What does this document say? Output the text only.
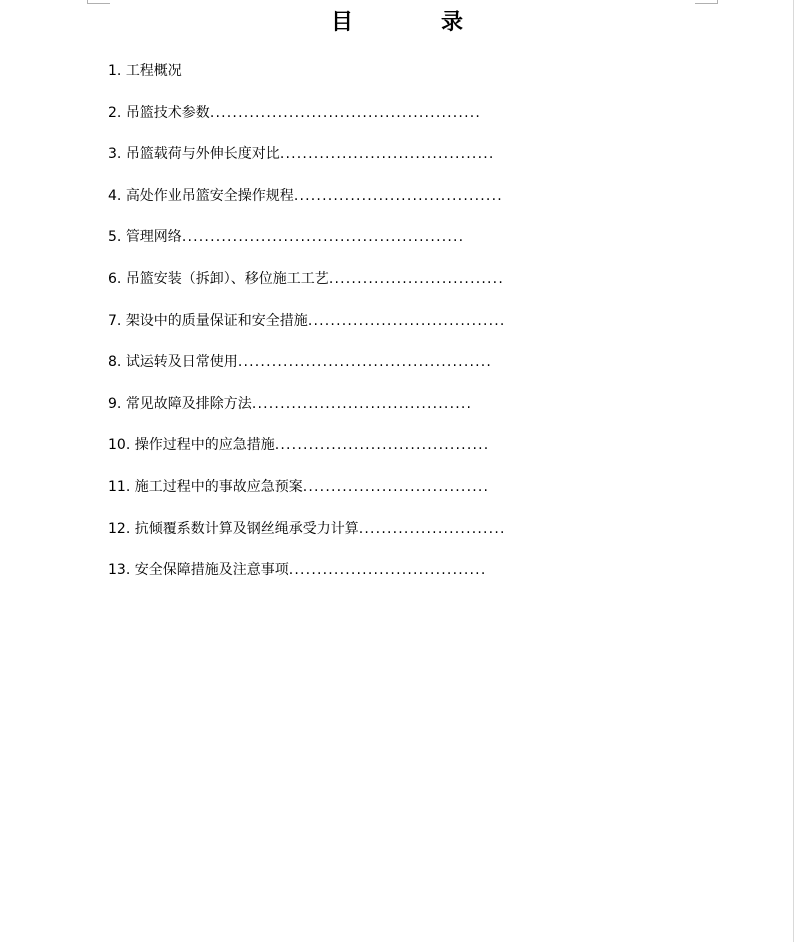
目	录
1. 工程概况
2. 吊篮技术参数................................................
3. 吊篮载荷与外伸长度对比......................................
4. 高处作业吊篮安全操作规程.....................................
5. 管理网络..................................................
6. 吊篮安装（拆卸）、移位施工工艺...............................
7. 架设中的质量保证和安全措施...................................
8. 试运转及日常使用.............................................
9. 常见故障及排除方法.......................................
10. 操作过程中的应急措施......................................
11. 施工过程中的事故应急预案.................................
12. 抗倾覆系数计算及钢丝绳承受力计算..........................
13. 安全保障措施及注意事项...................................
